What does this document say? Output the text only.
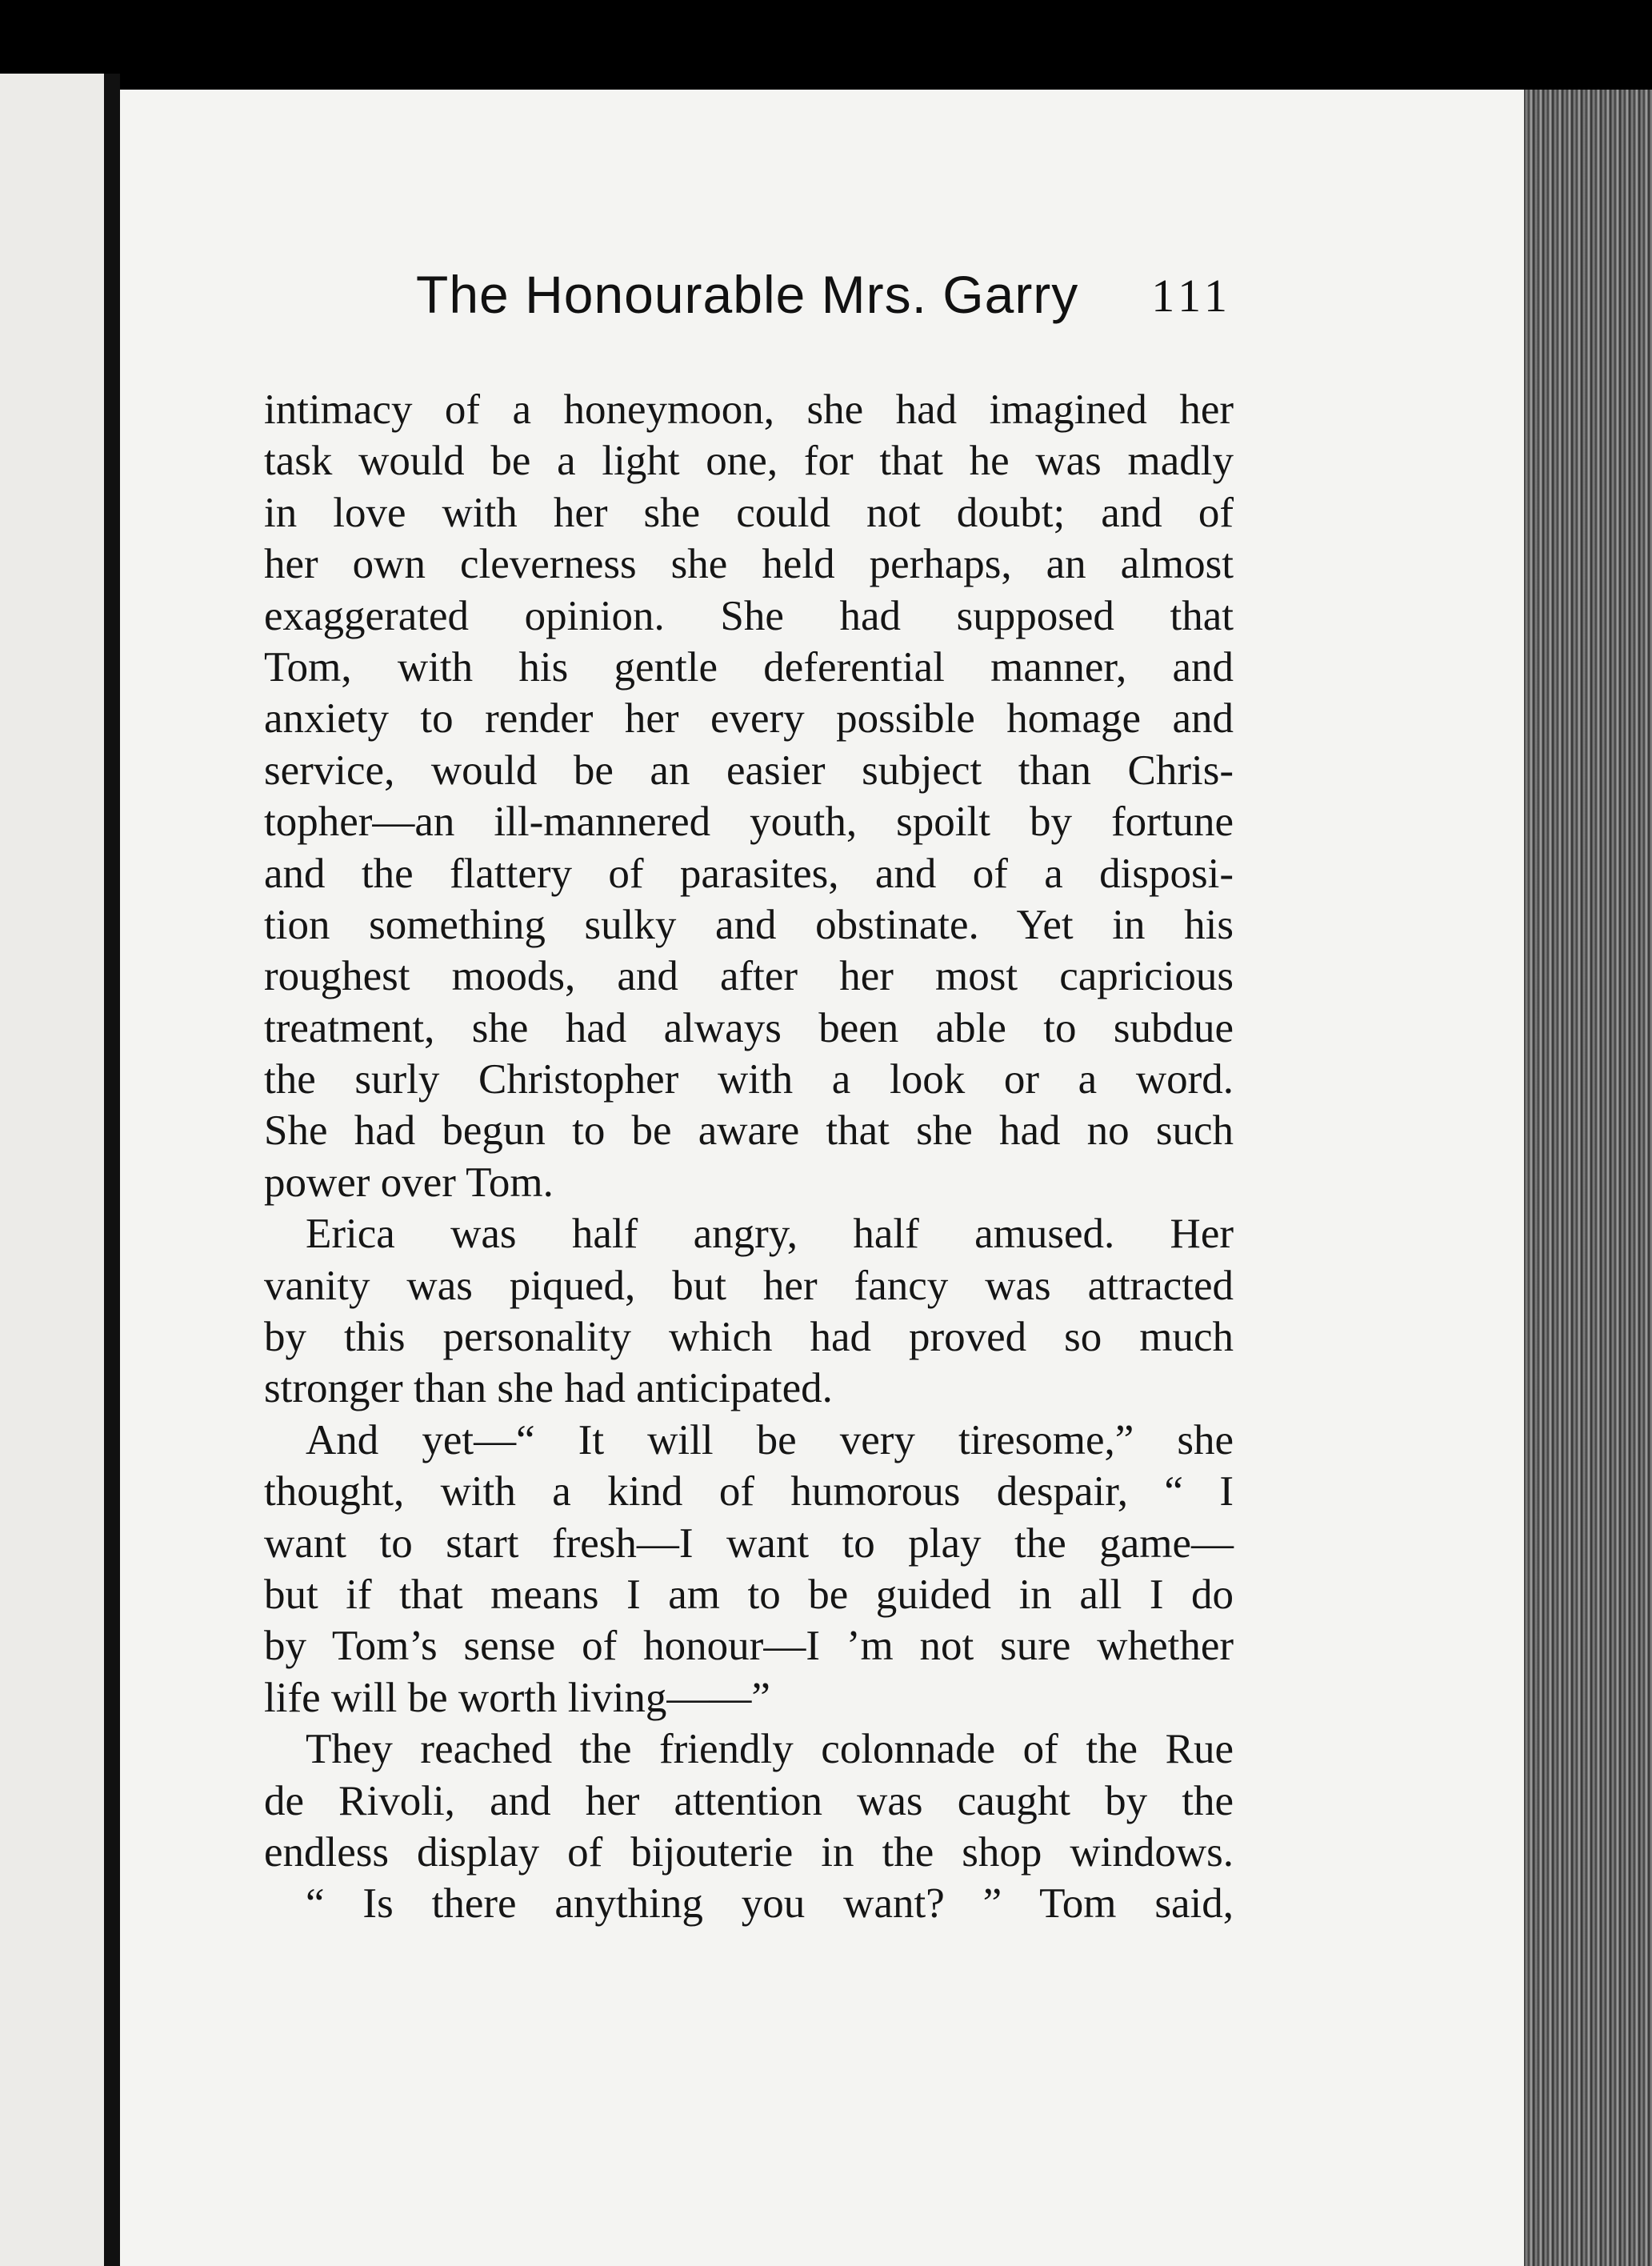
The Honourable Mrs. Garry 111
intimacy of a honeymoon, she had imagined her
task would be a light one, for that he was madly
in love with her she could not doubt; and of
her own cleverness she held perhaps, an almost
exaggerated opinion. She had supposed that
Tom, with his gentle deferential manner, and
anxiety to render her every possible homage and
service, would be an easier subject than Chris-
topher—an ill-mannered youth, spoilt by fortune
and the flattery of parasites, and of a disposi-
tion something sulky and obstinate. Yet in his
roughest moods, and after her most capricious
treatment, she had always been able to subdue
the surly Christopher with a look or a word.
She had begun to be aware that she had no such
power over Tom.
Erica was half angry, half amused. Her
vanity was piqued, but her fancy was attracted
by this personality which had proved so much
stronger than she had anticipated.
And yet—“ It will be very tiresome,” she
thought, with a kind of humorous despair, “ I
want to start fresh—I want to play the game—
but if that means I am to be guided in all I do
by Tom’s sense of honour—I ’m not sure whether
life will be worth living——”
They reached the friendly colonnade of the Rue
de Rivoli, and her attention was caught by the
endless display of bijouterie in the shop windows.
“ Is there anything you want? ” Tom said,
